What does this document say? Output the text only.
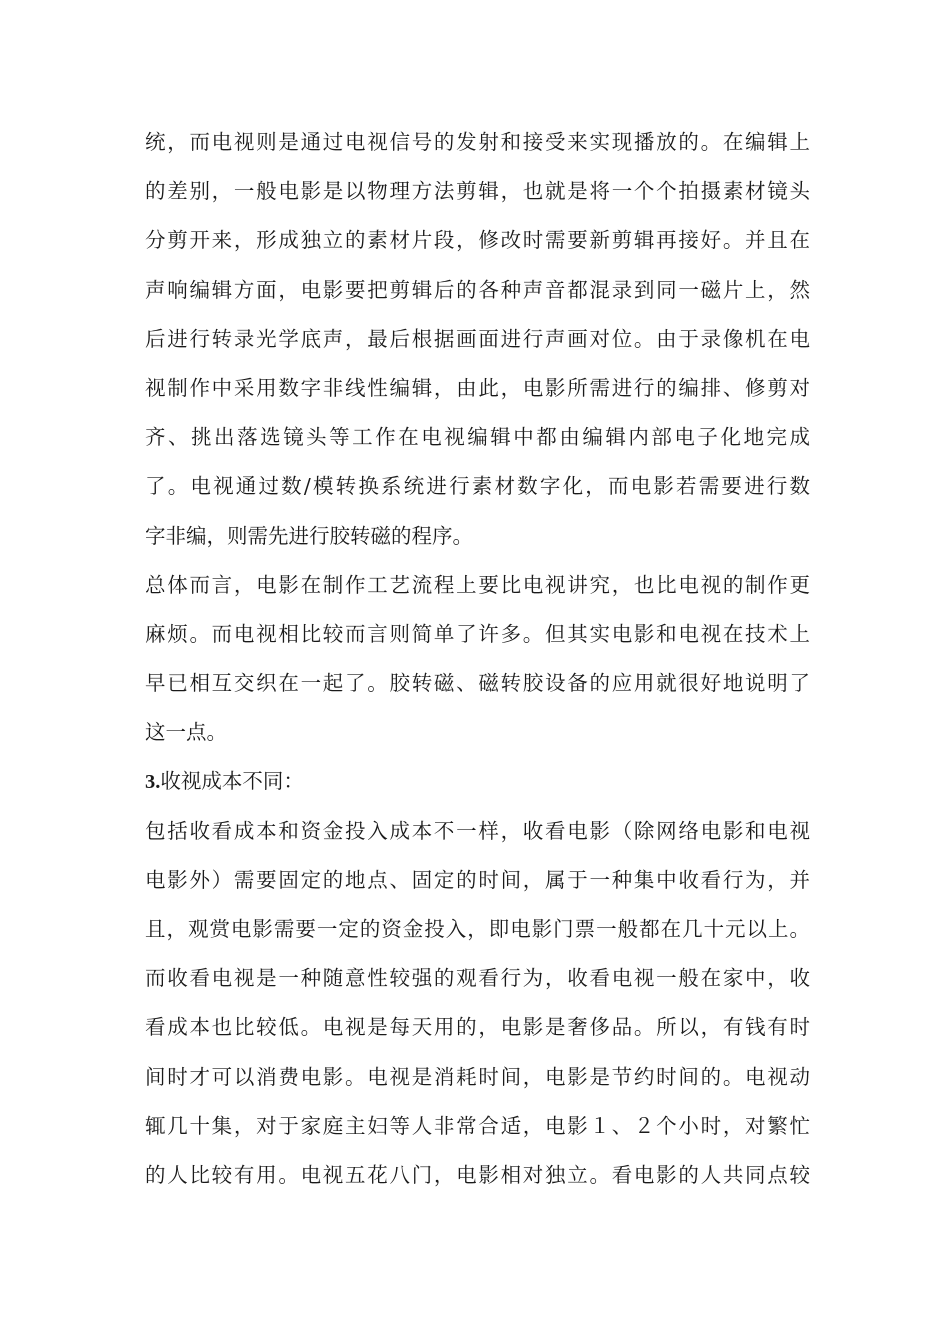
统，而电视则是通过电视信号的发射和接受来实现播放的。在编辑上
的差别，一般电影是以物理方法剪辑，也就是将一个个拍摄素材镜头
分剪开来，形成独立的素材片段，修改时需要新剪辑再接好。并且在
声响编辑方面，电影要把剪辑后的各种声音都混录到同一磁片上，然
后进行转录光学底声，最后根据画面进行声画对位。由于录像机在电
视制作中采用数字非线性编辑，由此，电影所需进行的编排、修剪对
齐、挑出落选镜头等工作在电视编辑中都由编辑内部电子化地完成
了。电视通过数/模转换系统进行素材数字化，而电影若需要进行数
字非编，则需先进行胶转磁的程序。
总体而言，电影在制作工艺流程上要比电视讲究，也比电视的制作更
麻烦。而电视相比较而言则简单了许多。但其实电影和电视在技术上
早已相互交织在一起了。胶转磁、磁转胶设备的应用就很好地说明了
这一点。
3.收视成本不同：
包括收看成本和资金投入成本不一样，收看电影（除网络电影和电视
电影外）需要固定的地点、固定的时间，属于一种集中收看行为，并
且，观赏电影需要一定的资金投入，即电影门票一般都在几十元以上。
而收看电视是一种随意性较强的观看行为，收看电视一般在家中，收
看成本也比较低。电视是每天用的，电影是奢侈品。所以，有钱有时
间时才可以消费电影。电视是消耗时间，电影是节约时间的。电视动
辄几十集，对于家庭主妇等人非常合适，电影１、２个小时，对繁忙
的人比较有用。电视五花八门，电影相对独立。看电影的人共同点较
